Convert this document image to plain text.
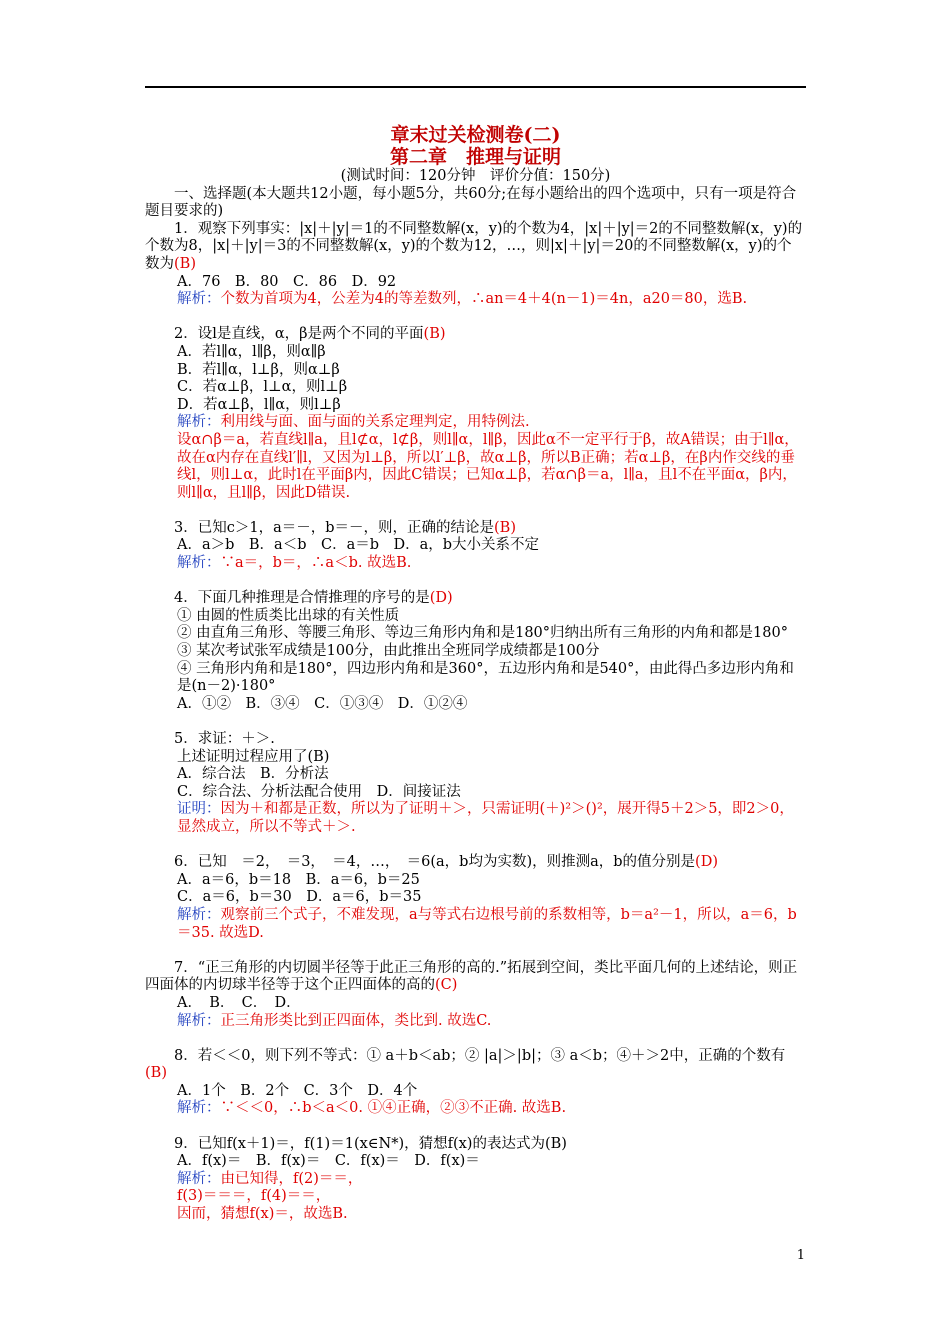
章末过关检测卷(二)
第二章　推理与证明
(测试时间：120分钟　评价分值：150分)

一、选择题(本大题共12小题，每小题5分，共60分;在每小题给出的四个选项中，只有一项是符合题目要求的)

1．观察下列事实：|x|＋|y|＝1的不同整数解(x，y)的个数为4，|x|＋|y|＝2的不同整数解(x，y)的个数为8，|x|＋|y|＝3的不同整数解(x，y)的个数为12，…，则|x|＋|y|＝20的不同整数解(x，y)的个数为(B)

A．76　B．80　C．86　D．92

解析：个数为首项为4，公差为4的等差数列，∴an＝4＋4(n－1)＝4n，a20＝80，选B.

2．设l是直线，α，β是两个不同的平面(B)

A．若l∥α，l∥β，则α∥β

B．若l∥α，l⊥β，则α⊥β

C．若α⊥β，l⊥α，则l⊥β

D．若α⊥β，l∥α，则l⊥β

解析：利用线与面、面与面的关系定理判定，用特例法.

设α∩β＝a，若直线l∥a，且l⊄α，l⊄β，则l∥α，l∥β，因此α不一定平行于β，故A错误；由于l∥α，故在α内存在直线l′∥l，又因为l⊥β，所以l′⊥β，故α⊥β，所以B正确；若α⊥β，在β内作交线的垂线l，则l⊥α，此时l在平面β内，因此C错误；已知α⊥β，若α∩β＝a，l∥a，且l不在平面α，β内，则l∥α，且l∥β，因此D错误.

3．已知c＞1，a＝－，b＝－，则，正确的结论是(B)

A．a＞b　B．a＜b　C．a＝b　D．a，b大小关系不定

解析：∵a＝，b＝，∴a＜b. 故选B.

4．下面几种推理是合情推理的序号的是(D)

① 由圆的性质类比出球的有关性质

② 由直角三角形、等腰三角形、等边三角形内角和是180°归纳出所有三角形的内角和都是180°

③ 某次考试张军成绩是100分，由此推出全班同学成绩都是100分

④ 三角形内角和是180°，四边形内角和是360°，五边形内角和是540°，由此得凸多边形内角和是(n－2)·180°

A．①②　B．③④　C．①③④　D．①②④

5．求证：＋＞.

上述证明过程应用了(B)

A．综合法　B．分析法

C．综合法、分析法配合使用　D．间接证法

证明：因为＋和都是正数，所以为了证明＋＞，只需证明(＋)²＞()²，展开得5＋2＞5，即2＞0，显然成立，所以不等式＋＞.

6．已知　＝2，　＝3，　＝4，…，　＝6(a，b均为实数)，则推测a，b的值分别是(D)

A．a＝6，b＝18　B．a＝6，b＝25

C．a＝6，b＝30　D．a＝6，b＝35

解析：观察前三个式子，不难发现，a与等式右边根号前的系数相等，b＝a²－1，所以，a＝6，b＝35. 故选D.

7．“正三角形的内切圆半径等于此正三角形的高的.”拓展到空间，类比平面几何的上述结论，则正四面体的内切球半径等于这个正四面体的高的(C)

A．　B．　C．　D．

解析：正三角形类比到正四面体，类比到. 故选C.

8．若＜＜0，则下列不等式：① a＋b＜ab；② |a|＞|b|；③ a＜b；④＋＞2中，正确的个数有(B)

A．1个　B．2个　C．3个　D．4个

解析：∵＜＜0，∴b＜a＜0. ①④正确，②③不正确. 故选B.

9．已知f(x＋1)＝，f(1)＝1(x∈N*)，猜想f(x)的表达式为(B)

A．f(x)＝　B．f(x)＝　C．f(x)＝　D．f(x)＝

解析：由已知得，f(2)＝＝，

f(3)＝＝＝，f(4)＝＝，

因而，猜想f(x)＝，故选B.

1
